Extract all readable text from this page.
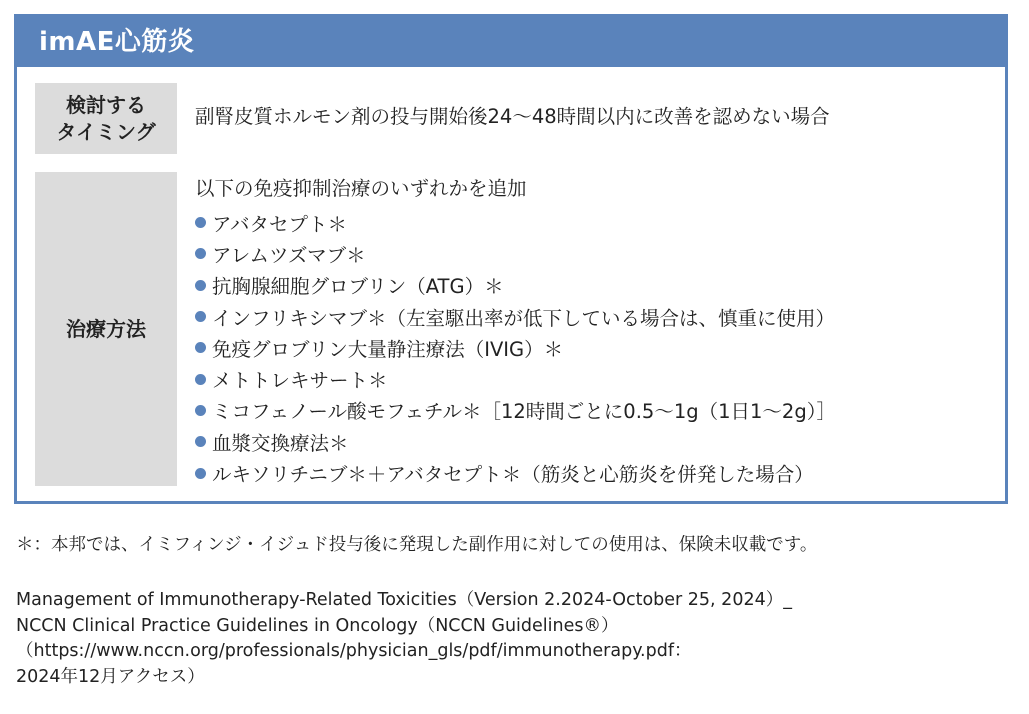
imAE心筋炎
検討する
タイミング
副腎皮質ホルモン剤の投与開始後24～48時間以内に改善を認めない場合
治療方法
以下の免疫抑制治療のいずれかを追加
アバタセプト＊
アレムツズマブ＊
抗胸腺細胞グロブリン（ATG）＊
インフリキシマブ＊（左室駆出率が低下している場合は、慎重に使用）
免疫グロブリン大量静注療法（IVIG）＊
メトトレキサート＊
ミコフェノール酸モフェチル＊［12時間ごとに0.5～1g（1日1～2g）］
血漿交換療法＊
ルキソリチニブ＊＋アバタセプト＊（筋炎と心筋炎を併発した場合）
＊：本邦では、イミフィンジ・イジュド投与後に発現した副作用に対しての使用は、保険未収載です。
Management of Immunotherapy-Related Toxicities（Version 2.2024-October 25, 2024）_
NCCN Clinical Practice Guidelines in Oncology（NCCN Guidelines®）
（https://www.nccn.org/professionals/physician_gls/pdf/immunotherapy.pdf：
2024年12月アクセス）
